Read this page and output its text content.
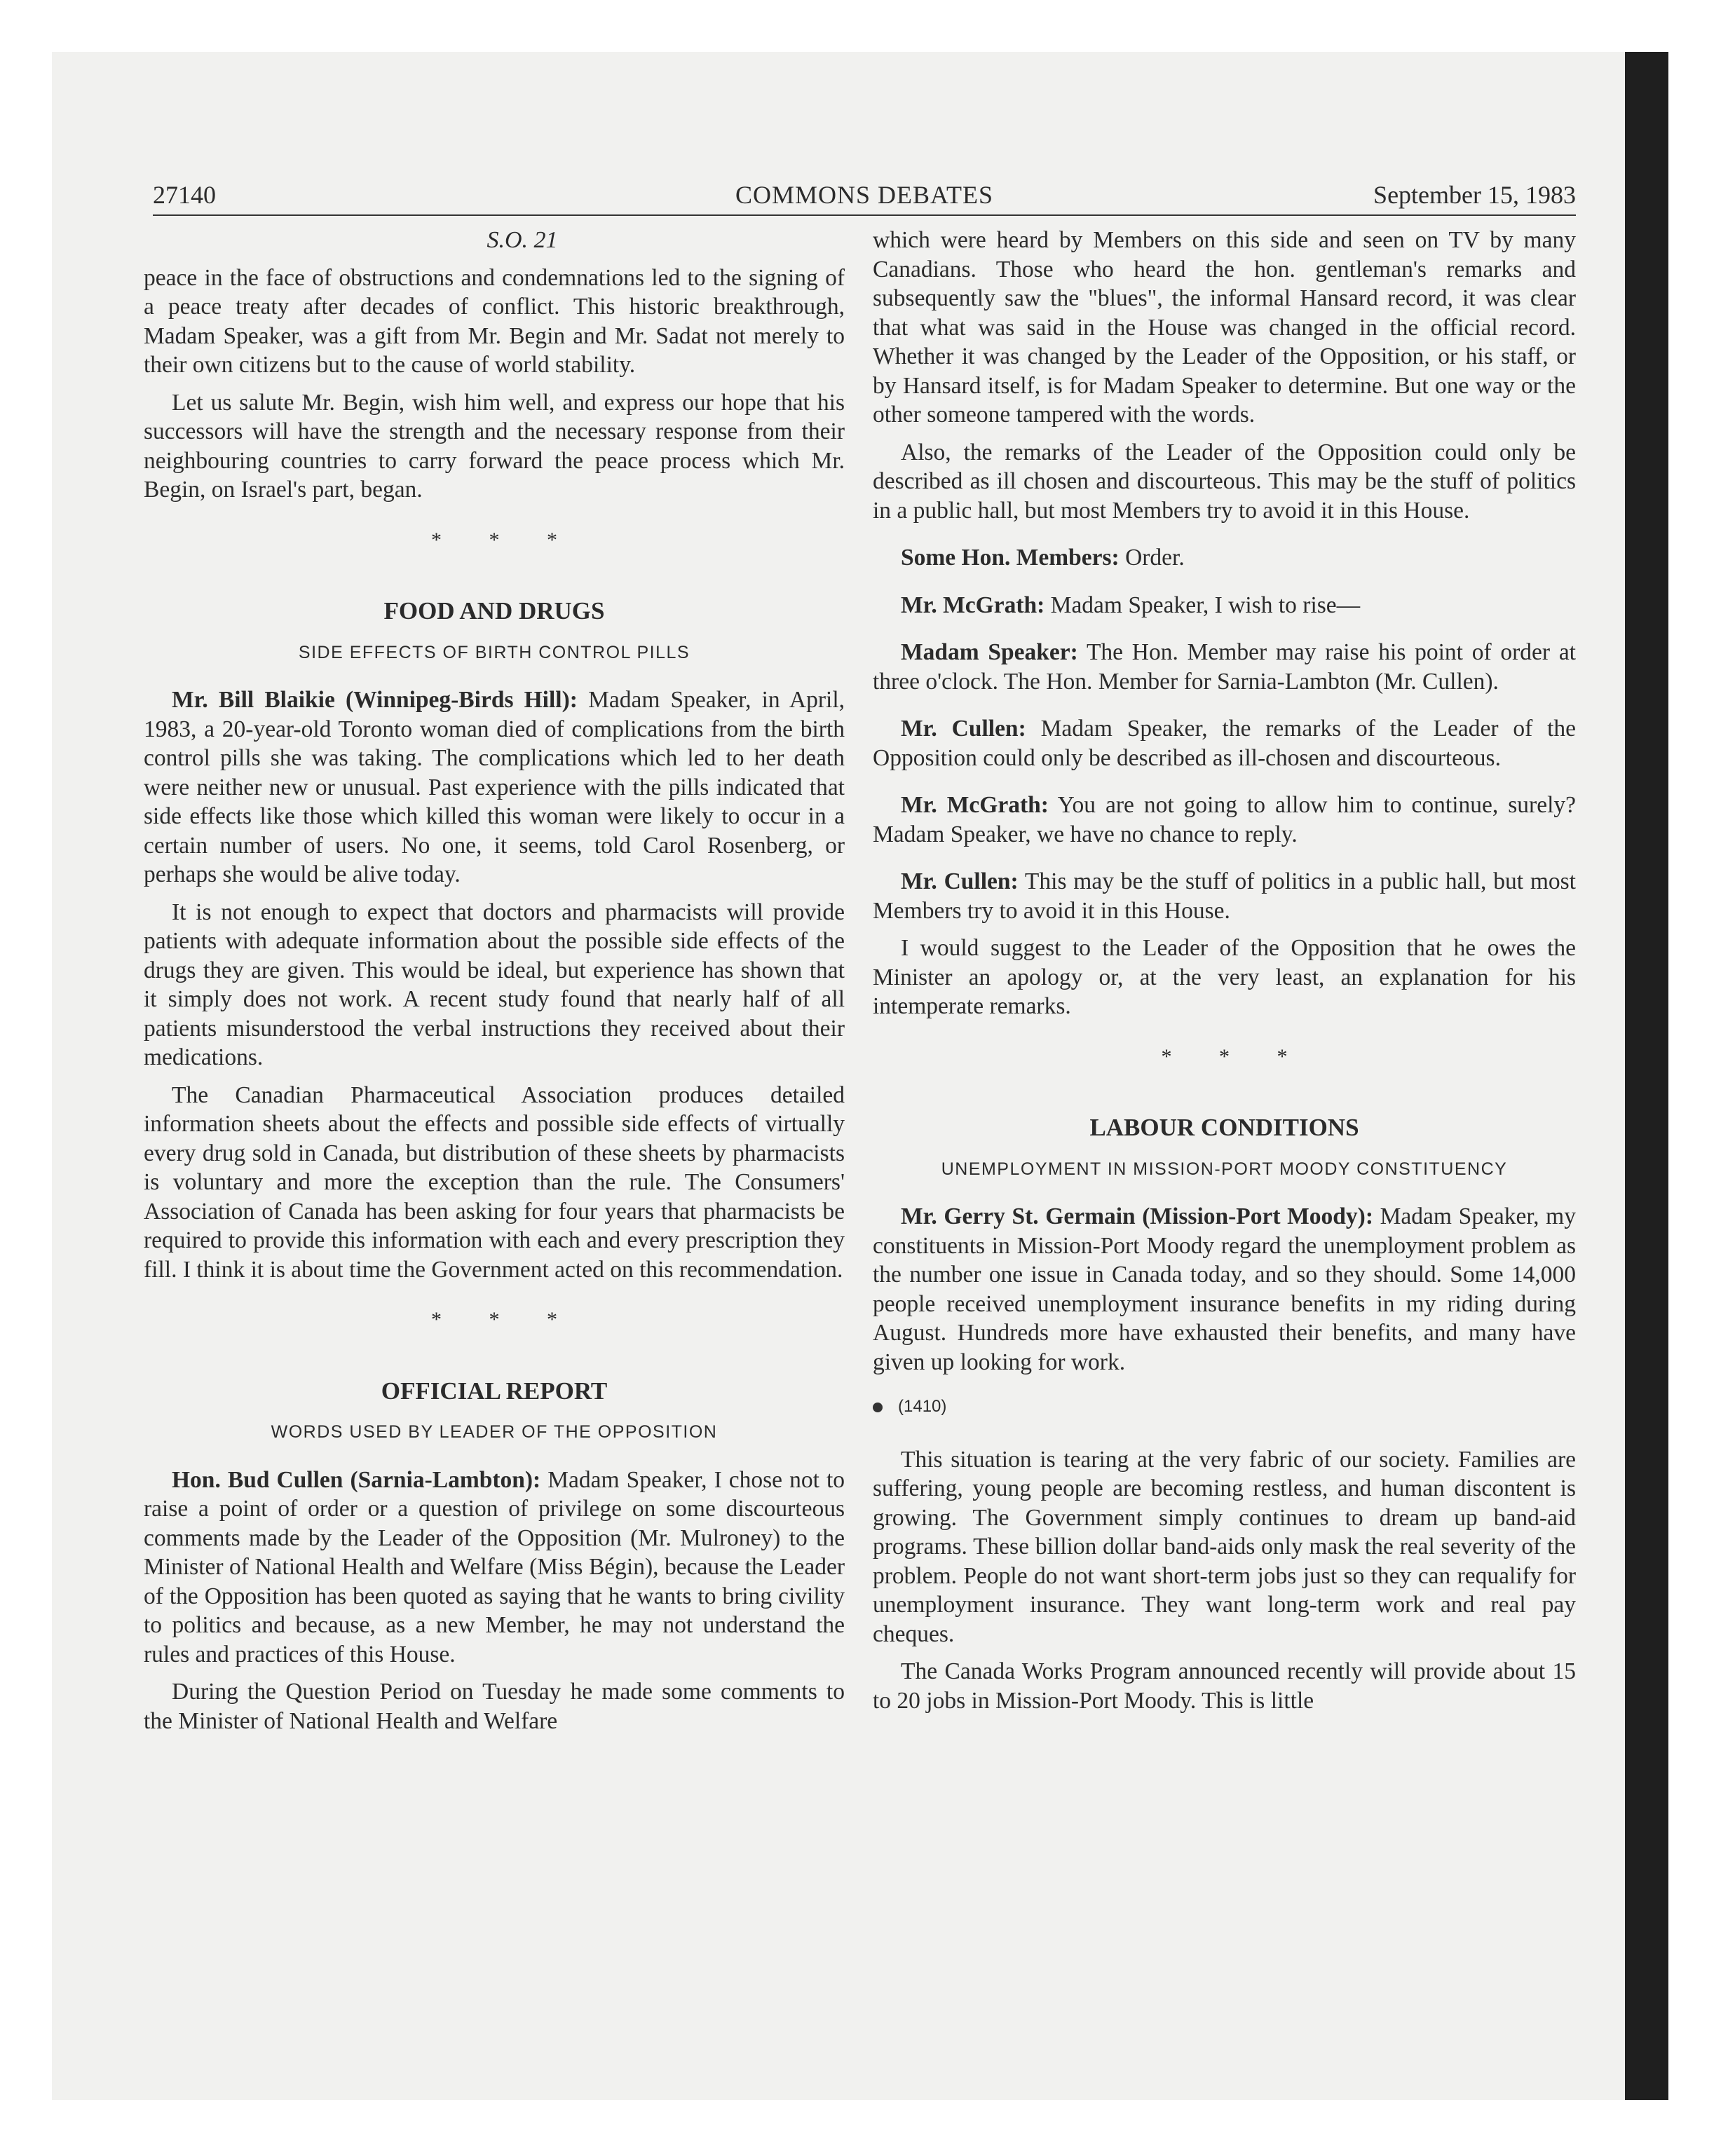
27140	COMMONS DEBATES	September 15, 1983
S.O. 21

peace in the face of obstructions and condemnations led to the signing of a peace treaty after decades of conflict. This historic breakthrough, Madam Speaker, was a gift from Mr. Begin and Mr. Sadat not merely to their own citizens but to the cause of world stability.

Let us salute Mr. Begin, wish him well, and express our hope that his successors will have the strength and the necessary response from their neighbouring countries to carry forward the peace process which Mr. Begin, on Israel's part, began.

* * *
FOOD AND DRUGS
SIDE EFFECTS OF BIRTH CONTROL PILLS

Mr. Bill Blaikie (Winnipeg-Birds Hill): Madam Speaker, in April, 1983, a 20-year-old Toronto woman died of complications from the birth control pills she was taking. The complications which led to her death were neither new or unusual. Past experience with the pills indicated that side effects like those which killed this woman were likely to occur in a certain number of users. No one, it seems, told Carol Rosenberg, or perhaps she would be alive today.

It is not enough to expect that doctors and pharmacists will provide patients with adequate information about the possible side effects of the drugs they are given. This would be ideal, but experience has shown that it simply does not work. A recent study found that nearly half of all patients misunderstood the verbal instructions they received about their medications.

The Canadian Pharmaceutical Association produces detailed information sheets about the effects and possible side effects of virtually every drug sold in Canada, but distribution of these sheets by pharmacists is voluntary and more the exception than the rule. The Consumers' Association of Canada has been asking for four years that pharmacists be required to provide this information with each and every prescription they fill. I think it is about time the Government acted on this recommendation.

* * *
OFFICIAL REPORT
WORDS USED BY LEADER OF THE OPPOSITION

Hon. Bud Cullen (Sarnia-Lambton): Madam Speaker, I chose not to raise a point of order or a question of privilege on some discourteous comments made by the Leader of the Opposition (Mr. Mulroney) to the Minister of National Health and Welfare (Miss Bégin), because the Leader of the Opposition has been quoted as saying that he wants to bring civility to politics and because, as a new Member, he may not understand the rules and practices of this House.

During the Question Period on Tuesday he made some comments to the Minister of National Health and Welfare

which were heard by Members on this side and seen on TV by many Canadians. Those who heard the hon. gentleman's remarks and subsequently saw the "blues", the informal Hansard record, it was clear that what was said in the House was changed in the official record. Whether it was changed by the Leader of the Opposition, or his staff, or by Hansard itself, is for Madam Speaker to determine. But one way or the other someone tampered with the words.

Also, the remarks of the Leader of the Opposition could only be described as ill chosen and discourteous. This may be the stuff of politics in a public hall, but most Members try to avoid it in this House.

Some Hon. Members: Order.

Mr. McGrath: Madam Speaker, I wish to rise—

Madam Speaker: The Hon. Member may raise his point of order at three o'clock. The Hon. Member for Sarnia-Lambton (Mr. Cullen).

Mr. Cullen: Madam Speaker, the remarks of the Leader of the Opposition could only be described as ill-chosen and discourteous.

Mr. McGrath: You are not going to allow him to continue, surely? Madam Speaker, we have no chance to reply.

Mr. Cullen: This may be the stuff of politics in a public hall, but most Members try to avoid it in this House.

I would suggest to the Leader of the Opposition that he owes the Minister an apology or, at the very least, an explanation for his intemperate remarks.

* * *
LABOUR CONDITIONS
UNEMPLOYMENT IN MISSION-PORT MOODY CONSTITUENCY

Mr. Gerry St. Germain (Mission-Port Moody): Madam Speaker, my constituents in Mission-Port Moody regard the unemployment problem as the number one issue in Canada today, and so they should. Some 14,000 people received unemployment insurance benefits in my riding during August. Hundreds more have exhausted their benefits, and many have given up looking for work.

(1410)

This situation is tearing at the very fabric of our society. Families are suffering, young people are becoming restless, and human discontent is growing. The Government simply continues to dream up band-aid programs. These billion dollar band-aids only mask the real severity of the problem. People do not want short-term jobs just so they can requalify for unemployment insurance. They want long-term work and real pay cheques.

The Canada Works Program announced recently will provide about 15 to 20 jobs in Mission-Port Moody. This is little
